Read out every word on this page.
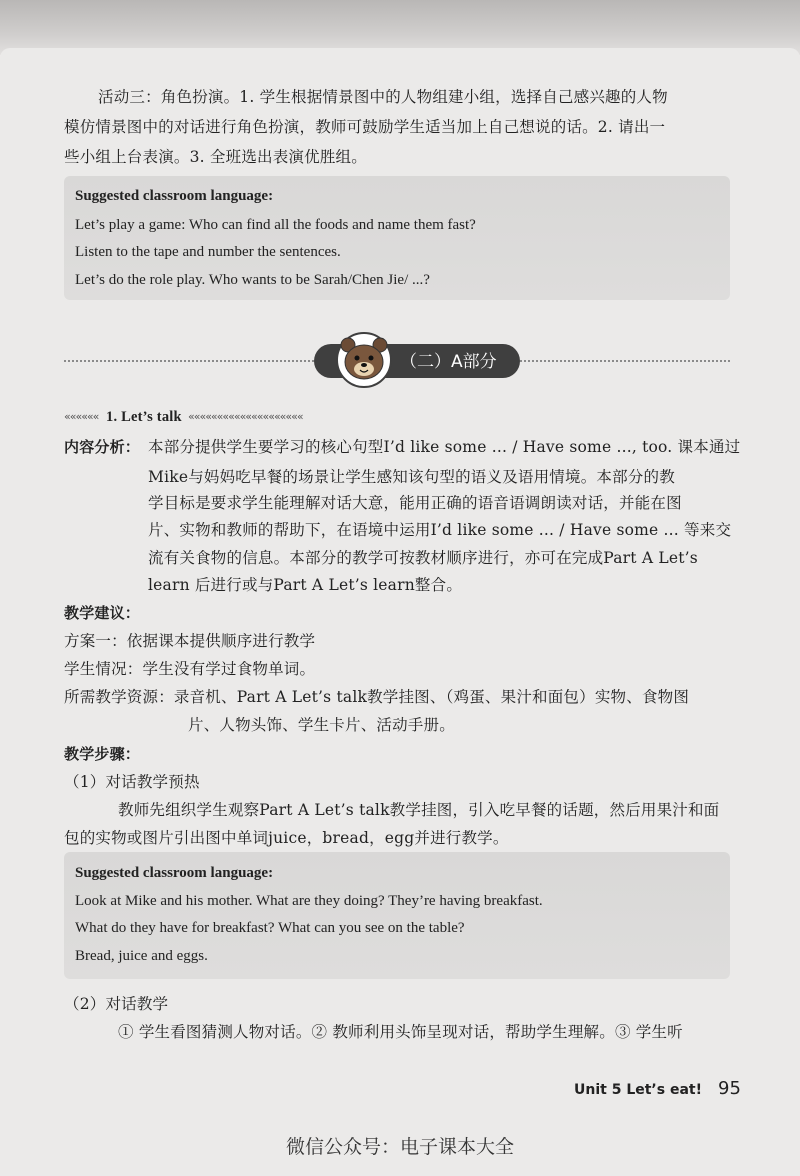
活动三：角色扮演。1. 学生根据情景图中的人物组建小组，选择自己感兴趣的人物
模仿情景图中的对话进行角色扮演，教师可鼓励学生适当加上自己想说的话。2. 请出一
些小组上台表演。3. 全班选出表演优胜组。
Suggested classroom language:
Let’s play a game: Who can find all the foods and name them fast?
Listen to the tape and number the sentences.
Let’s do the role play. Who wants to be Sarah/Chen Jie/ ...?
（二）A部分
«««««« 1. Let’s talk ««««««««««««««««««««
内容分析： 本部分提供学生要学习的核心句型I’d like some ... / Have some ..., too. 课本通过
Mike与妈妈吃早餐的场景让学生感知该句型的语义及语用情境。本部分的教
学目标是要求学生能理解对话大意，能用正确的语音语调朗读对话，并能在图
片、实物和教师的帮助下，在语境中运用I’d like some ... / Have some ... 等来交
流有关食物的信息。本部分的教学可按教材顺序进行，亦可在完成Part A Let’s
learn 后进行或与Part A Let’s learn整合。
教学建议：
方案一：依据课本提供顺序进行教学
学生情况：学生没有学过食物单词。
所需教学资源：录音机、Part A Let’s talk教学挂图、（鸡蛋、果汁和面包）实物、食物图
片、人物头饰、学生卡片、活动手册。
教学步骤：
（1）对话教学预热
教师先组织学生观察Part A Let’s talk教学挂图，引入吃早餐的话题，然后用果汁和面
包的实物或图片引出图中单词juice，bread，egg并进行教学。
Suggested classroom language:
Look at Mike and his mother. What are they doing? They’re having breakfast.
What do they have for breakfast? What can you see on the table?
Bread, juice and eggs.
（2）对话教学
① 学生看图猜测人物对话。② 教师利用头饰呈现对话，帮助学生理解。③ 学生听
Unit 5 Let’s eat! 95
微信公众号：电子课本大全
